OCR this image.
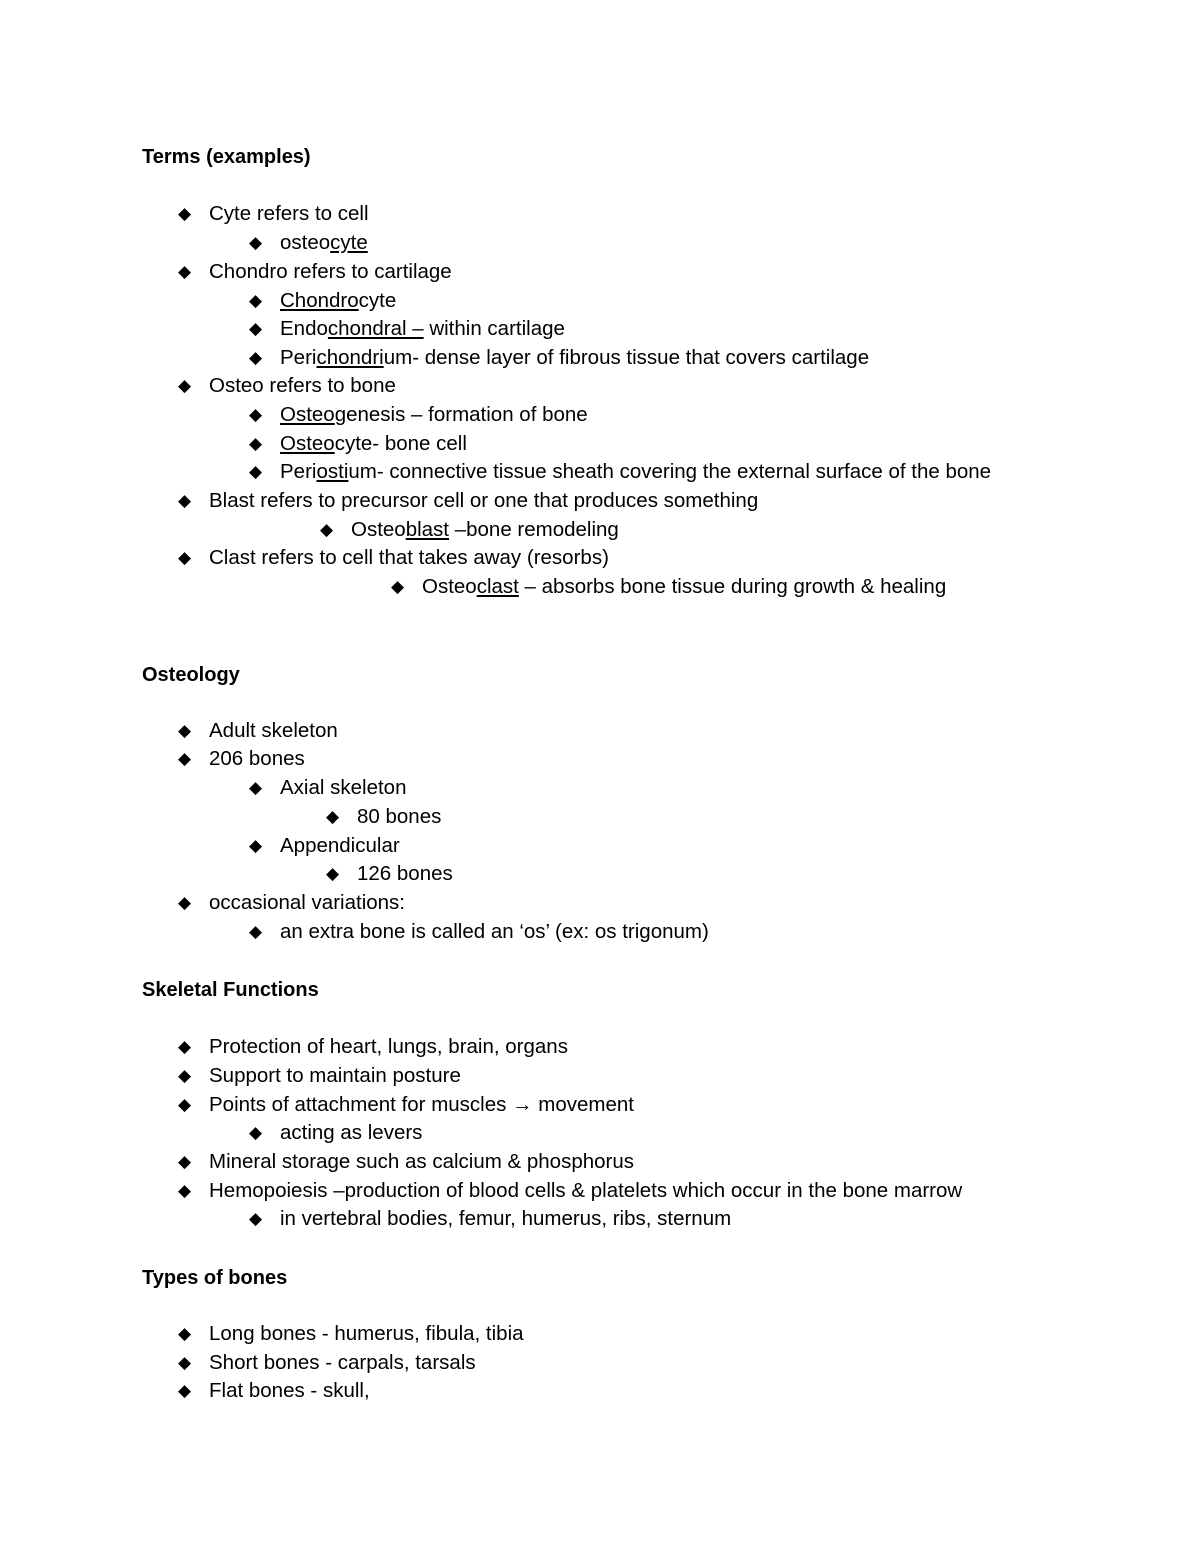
Terms (examples)
◆ Cyte refers to cell
◆ osteocyte
◆ Chondro refers to cartilage
◆ Chondrocyte
◆ Endochondral – within cartilage
◆ Perichondrium- dense layer of fibrous tissue that covers cartilage
◆ Osteo refers to bone
◆ Osteogenesis – formation of bone
◆ Osteocyte- bone cell
◆ Periostium- connective tissue sheath covering the external surface of the bone
◆ Blast refers to precursor cell or one that produces something
◆ Osteoblast –bone remodeling
◆ Clast refers to cell that takes away (resorbs)
◆ Osteoclast – absorbs bone tissue during growth & healing
Osteology
◆ Adult skeleton
◆ 206 bones
◆ Axial skeleton
◆ 80 bones
◆ Appendicular
◆ 126 bones
◆ occasional variations:
◆ an extra bone is called an ‘os’ (ex: os trigonum)
Skeletal Functions
◆ Protection of heart, lungs, brain, organs
◆ Support to maintain posture
◆ Points of attachment for muscles → movement
◆ acting as levers
◆ Mineral storage such as calcium & phosphorus
◆ Hemopoiesis –production of blood cells & platelets which occur in the bone marrow
◆ in vertebral bodies, femur, humerus, ribs, sternum
Types of bones
◆ Long bones - humerus, fibula, tibia
◆ Short bones - carpals, tarsals
◆ Flat bones - skull,
